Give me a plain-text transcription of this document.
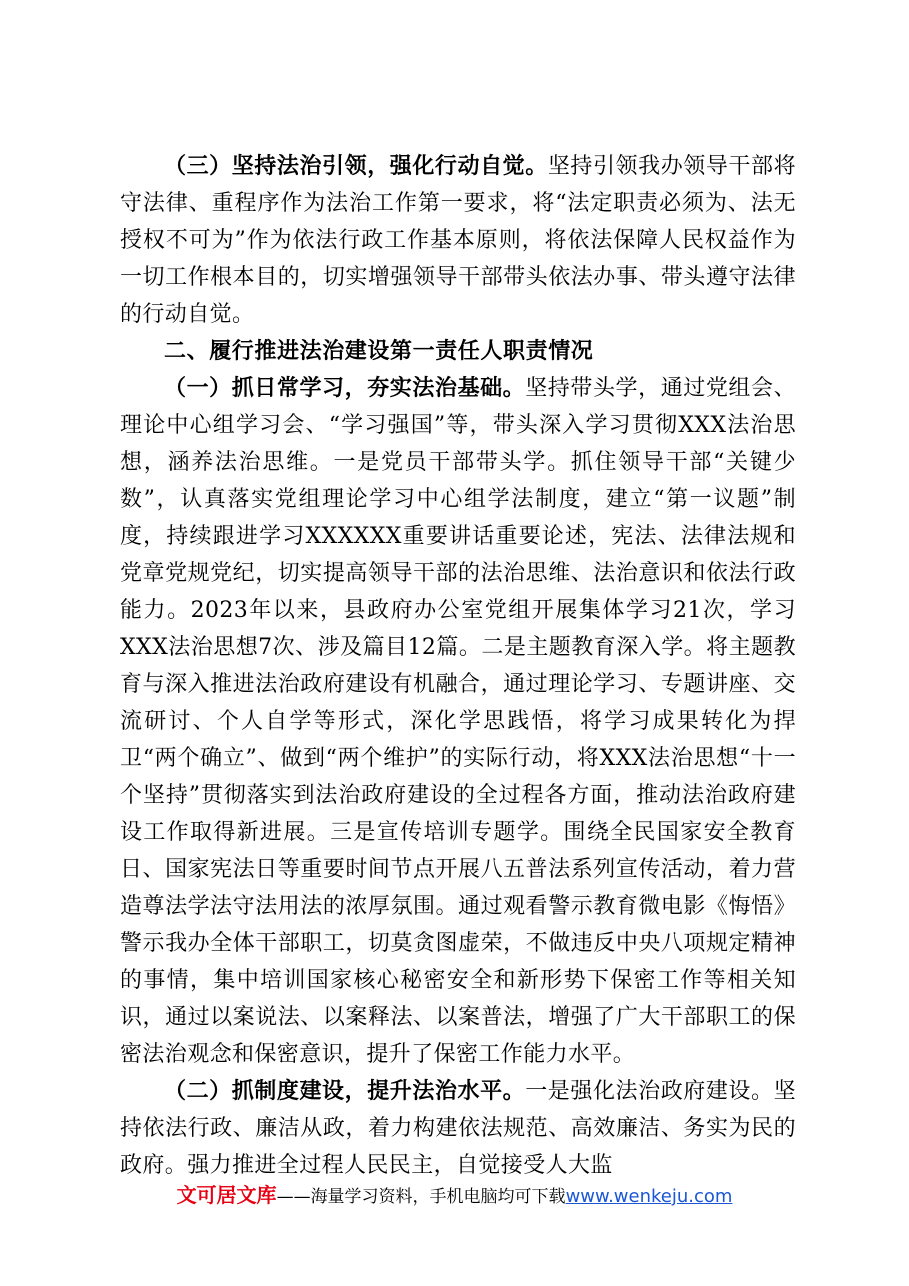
（三）坚持法治引领，强化行动自觉。坚持引领我办领导干部将守法律、重程序作为法治工作第一要求，将“法定职责必须为、法无授权不可为”作为依法行政工作基本原则，将依法保障人民权益作为一切工作根本目的，切实增强领导干部带头依法办事、带头遵守法律的行动自觉。

二、履行推进法治建设第一责任人职责情况

（一）抓日常学习，夯实法治基础。坚持带头学，通过党组会、理论中心组学习会、“学习强国”等，带头深入学习贯彻XXX法治思想，涵养法治思维。一是党员干部带头学。抓住领导干部“关键少数”，认真落实党组理论学习中心组学法制度，建立“第一议题”制度，持续跟进学习XXXXXX重要讲话重要论述，宪法、法律法规和党章党规党纪，切实提高领导干部的法治思维、法治意识和依法行政能力。2023年以来，县政府办公室党组开展集体学习21次，学习XXX法治思想7次、涉及篇目12篇。二是主题教育深入学。将主题教育与深入推进法治政府建设有机融合，通过理论学习、专题讲座、交流研讨、个人自学等形式，深化学思践悟，将学习成果转化为捍卫“两个确立”、做到“两个维护”的实际行动，将XXX法治思想“十一个坚持”贯彻落实到法治政府建设的全过程各方面，推动法治政府建设工作取得新进展。三是宣传培训专题学。围绕全民国家安全教育日、国家宪法日等重要时间节点开展八五普法系列宣传活动，着力营造尊法学法守法用法的浓厚氛围。通过观看警示教育微电影《悔悟》警示我办全体干部职工，切莫贪图虚荣，不做违反中央八项规定精神的事情，集中培训国家核心秘密安全和新形势下保密工作等相关知识，通过以案说法、以案释法、以案普法，增强了广大干部职工的保密法治观念和保密意识，提升了保密工作能力水平。

（二）抓制度建设，提升法治水平。一是强化法治政府建设。坚持依法行政、廉洁从政，着力构建依法规范、高效廉洁、务实为民的政府。强力推进全过程人民民主，自觉接受人大监

文可居文库——海量学习资料，手机电脑均可下载www.wenkeju.com
